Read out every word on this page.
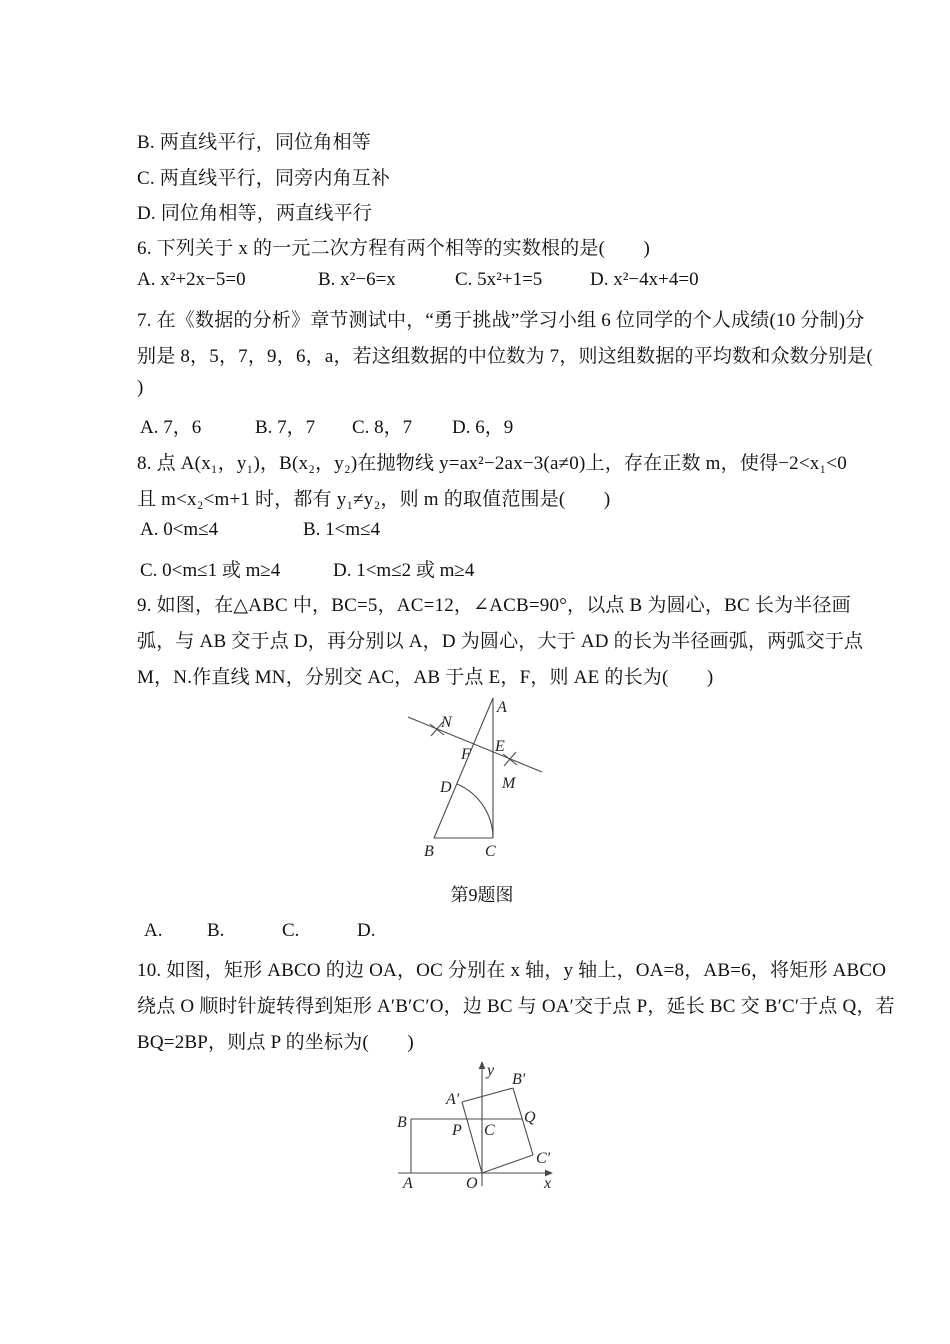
B. 两直线平行，同位角相等
C. 两直线平行，同旁内角互补
D. 同位角相等，两直线平行
6. 下列关于 x 的一元二次方程有两个相等的实数根的是(　　)
A. x²+2x−5=0	B. x²−6=x	C. 5x²+1=5	D. x²−4x+4=0
7. 在《数据的分析》章节测试中，“勇于挑战”学习小组 6 位同学的个人成绩(10 分制)分
别是 8，5，7，9，6，a，若这组数据的中位数为 7，则这组数据的平均数和众数分别是(
)
A. 7，6	B. 7，7 C. 8，7 D. 6，9
8. 点 A(x₁，y₁)，B(x₂，y₂)在抛物线 y=ax²−2ax−3(a≠0)上，存在正数 m，使得−2<x₁<0
且 m<x₂<m+1 时，都有 y₁≠y₂，则 m 的取值范围是(　　)
A. 0<m≤4	B. 1<m≤4
C. 0<m≤1 或 m≥4	D. 1<m≤2 或 m≥4
9. 如图，在△ABC 中，BC=5，AC=12，∠ACB=90°，以点 B 为圆心，BC 长为半径画
弧，与 AB 交于点 D，再分别以 A，D 为圆心，大于 AD 的长为半径画弧，两弧交于点
M，N.作直线 MN，分别交 AC，AB 于点 E，F，则 AE 的长为(　　)
A
N
F E
M
D
B	C
第9题图
A. B.	C.	D.
10. 如图，矩形 ABCO 的边 OA，OC 分别在 x 轴，y 轴上，OA=8，AB=6，将矩形 ABCO
绕点 O 顺时针旋转得到矩形 A′B′C′O，边 BC 与 OA′交于点 P，延长 BC 交 B′C′于点 Q，若
BQ=2BP，则点 P 的坐标为(　　)
y
x
O
A
B	C
P
Q
A′
B′
C′
